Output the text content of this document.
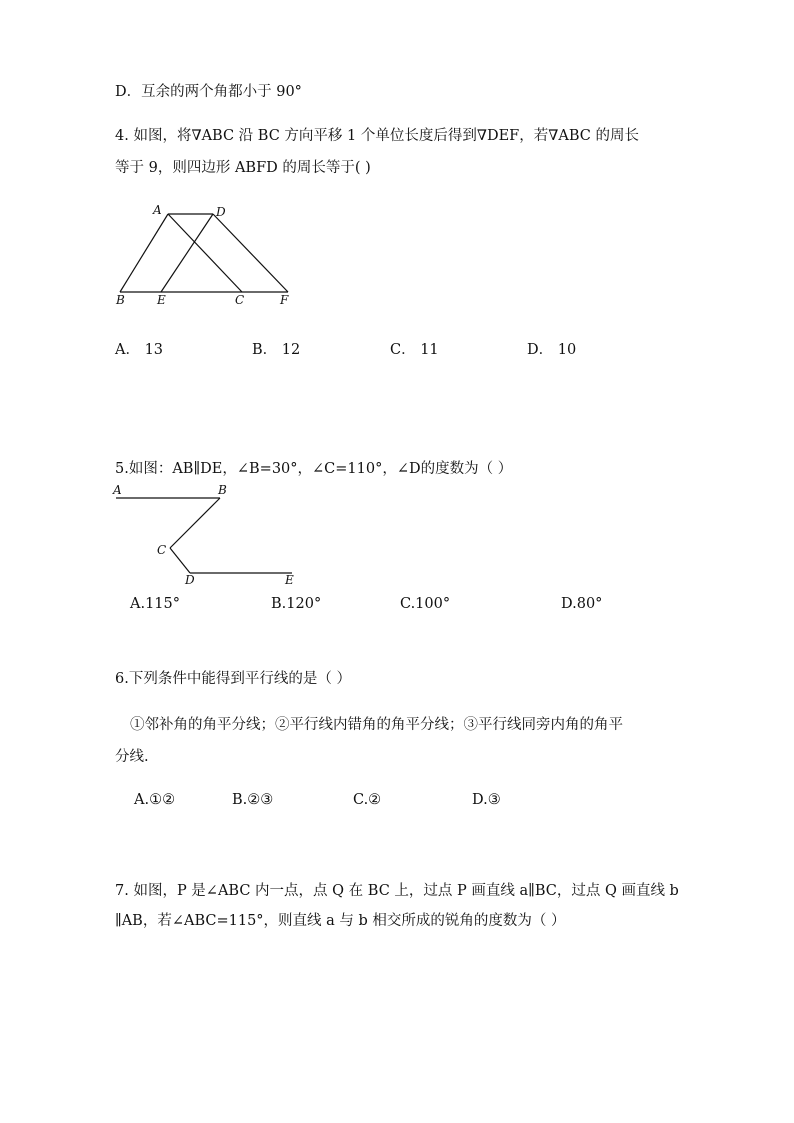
D．互余的两个角都小于 90°
4. 如图，将∇ABC 沿 BC 方向平移 1 个单位长度后得到∇DEF，若∇ABC 的周长
等于 9，则四边形 ABFD 的周长等于( )
A	D
B	E	C	F
A． 13	B． 12	C． 11	D． 10
5.如图：AB∥DE，∠B=30°，∠C=110°，∠D的度数为（ ）
A	B
C
D	E
A.115°	B.120°	C.100°	D.80°
6.下列条件中能得到平行线的是（ ）
①邻补角的角平分线；②平行线内错角的角平分线；③平行线同旁内角的角平
分线.
A.①②	B.②③	C.②	D.③
7. 如图，P 是∠ABC 内一点，点 Q 在 BC 上，过点 P 画直线 a∥BC，过点 Q 画直线 b
∥AB，若∠ABC=115°，则直线 a 与 b 相交所成的锐角的度数为（ ）
